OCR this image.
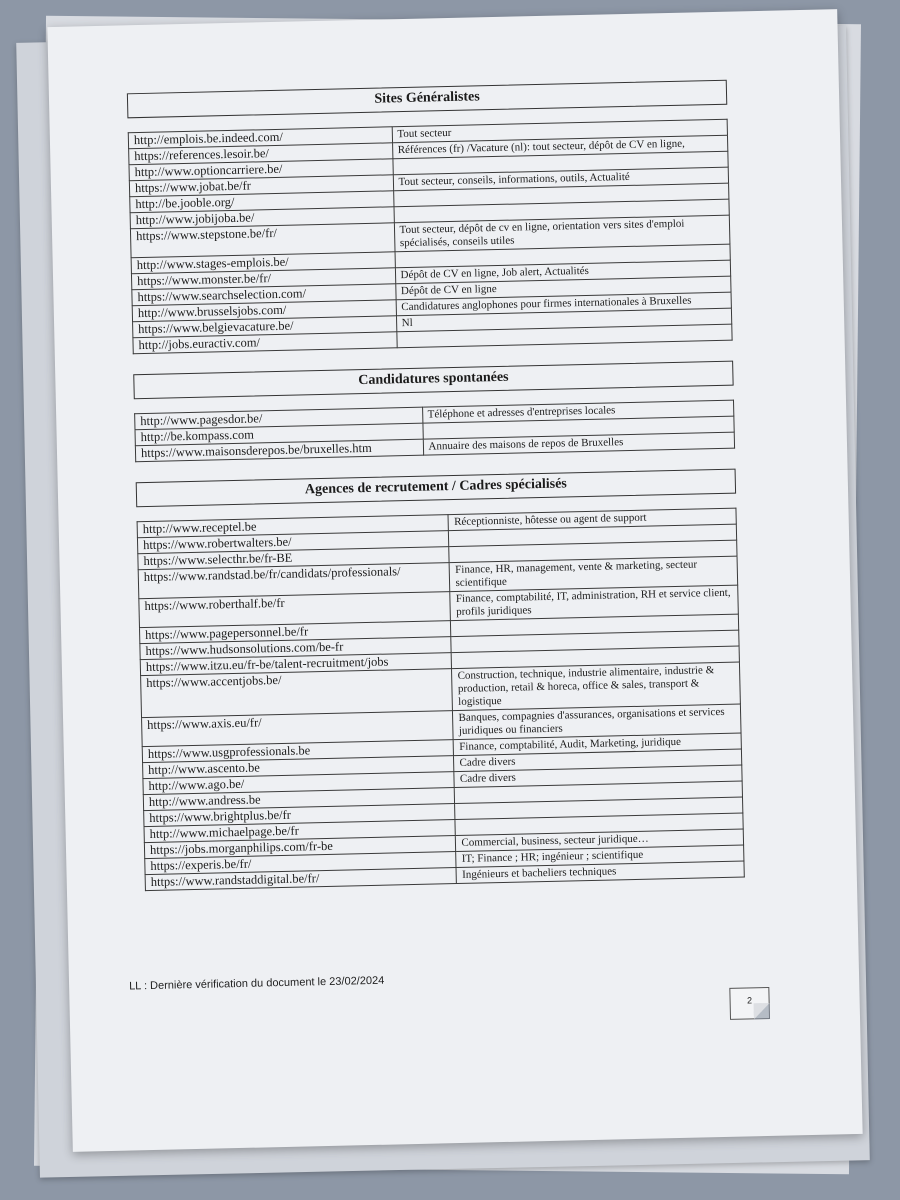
Sites Généralistes
http://emplois.be.indeed.com/	Tout secteur
https://references.lesoir.be/	Références (fr) /Vacature (nl): tout secteur, dépôt de CV en ligne,
http://www.optioncarriere.be/	
https://www.jobat.be/fr	Tout secteur, conseils, informations, outils, Actualité
http://be.jooble.org/	
http://www.jobijoba.be/	
https://www.stepstone.be/fr/	Tout secteur, dépôt de cv en ligne, orientation vers sites d'emploi spécialisés, conseils utiles
http://www.stages-emplois.be/	
https://www.monster.be/fr/	Dépôt de CV en ligne, Job alert, Actualités
https://www.searchselection.com/	Dépôt de CV en ligne
http://www.brusselsjobs.com/	Candidatures anglophones pour firmes internationales à Bruxelles
https://www.belgievacature.be/	Nl
http://jobs.euractiv.com/	
Candidatures spontanées
http://www.pagesdor.be/	Téléphone et adresses d'entreprises locales
http://be.kompass.com	
https://www.maisonsderepos.be/bruxelles.htm	Annuaire des maisons de repos de Bruxelles
Agences de recrutement / Cadres spécialisés
http://www.receptel.be	Réceptionniste, hôtesse ou agent de support
https://www.robertwalters.be/	
https://www.selecthr.be/fr-BE	
https://www.randstad.be/fr/candidats/professionals/	Finance, HR, management, vente & marketing, secteur scientifique
https://www.roberthalf.be/fr	Finance, comptabilité, IT, administration, RH et service client, profils juridiques
https://www.pagepersonnel.be/fr	
https://www.hudsonsolutions.com/be-fr	
https://www.itzu.eu/fr-be/talent-recruitment/jobs	
https://www.accentjobs.be/	Construction, technique, industrie alimentaire, industrie & production, retail & horeca, office & sales, transport & logistique
https://www.axis.eu/fr/	Banques, compagnies d'assurances, organisations et services juridiques ou financiers
https://www.usgprofessionals.be	Finance, comptabilité, Audit, Marketing, juridique
http://www.ascento.be	Cadre divers
http://www.ago.be/	Cadre divers
http://www.andress.be	
https://www.brightplus.be/fr	
http://www.michaelpage.be/fr	
https://jobs.morganphilips.com/fr-be	Commercial, business, secteur juridique…
https://experis.be/fr/	IT; Finance ; HR; ingénieur ; scientifique
https://www.randstaddigital.be/fr/	Ingénieurs et bacheliers techniques
LL : Dernière vérification du document le 23/02/2024
2
